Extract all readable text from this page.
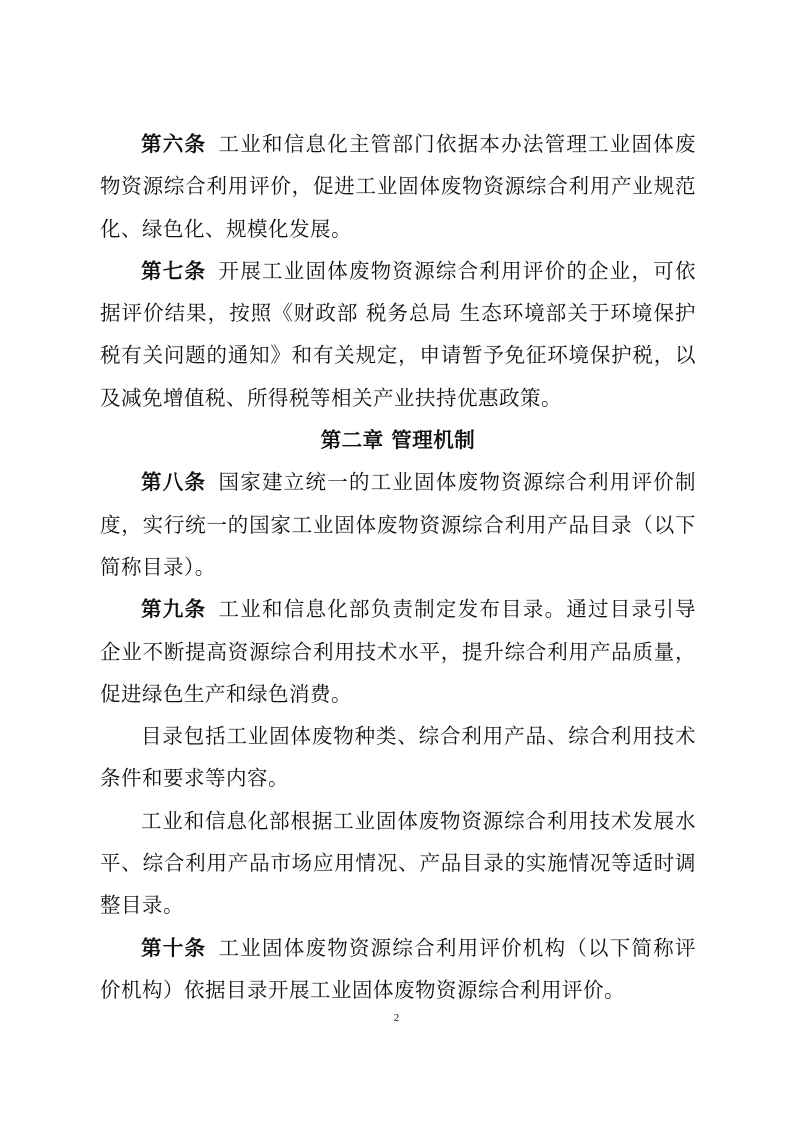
第六条 工业和信息化主管部门依据本办法管理工业固体废物资源综合利用评价，促进工业固体废物资源综合利用产业规范化、绿色化、规模化发展。

第七条 开展工业固体废物资源综合利用评价的企业，可依据评价结果，按照《财政部 税务总局 生态环境部关于环境保护税有关问题的通知》和有关规定，申请暂予免征环境保护税，以及减免增值税、所得税等相关产业扶持优惠政策。

第二章 管理机制

第八条 国家建立统一的工业固体废物资源综合利用评价制度，实行统一的国家工业固体废物资源综合利用产品目录（以下简称目录）。

第九条 工业和信息化部负责制定发布目录。通过目录引导企业不断提高资源综合利用技术水平，提升综合利用产品质量，促进绿色生产和绿色消费。

目录包括工业固体废物种类、综合利用产品、综合利用技术条件和要求等内容。

工业和信息化部根据工业固体废物资源综合利用技术发展水平、综合利用产品市场应用情况、产品目录的实施情况等适时调整目录。

第十条 工业固体废物资源综合利用评价机构（以下简称评价机构）依据目录开展工业固体废物资源综合利用评价。

2
